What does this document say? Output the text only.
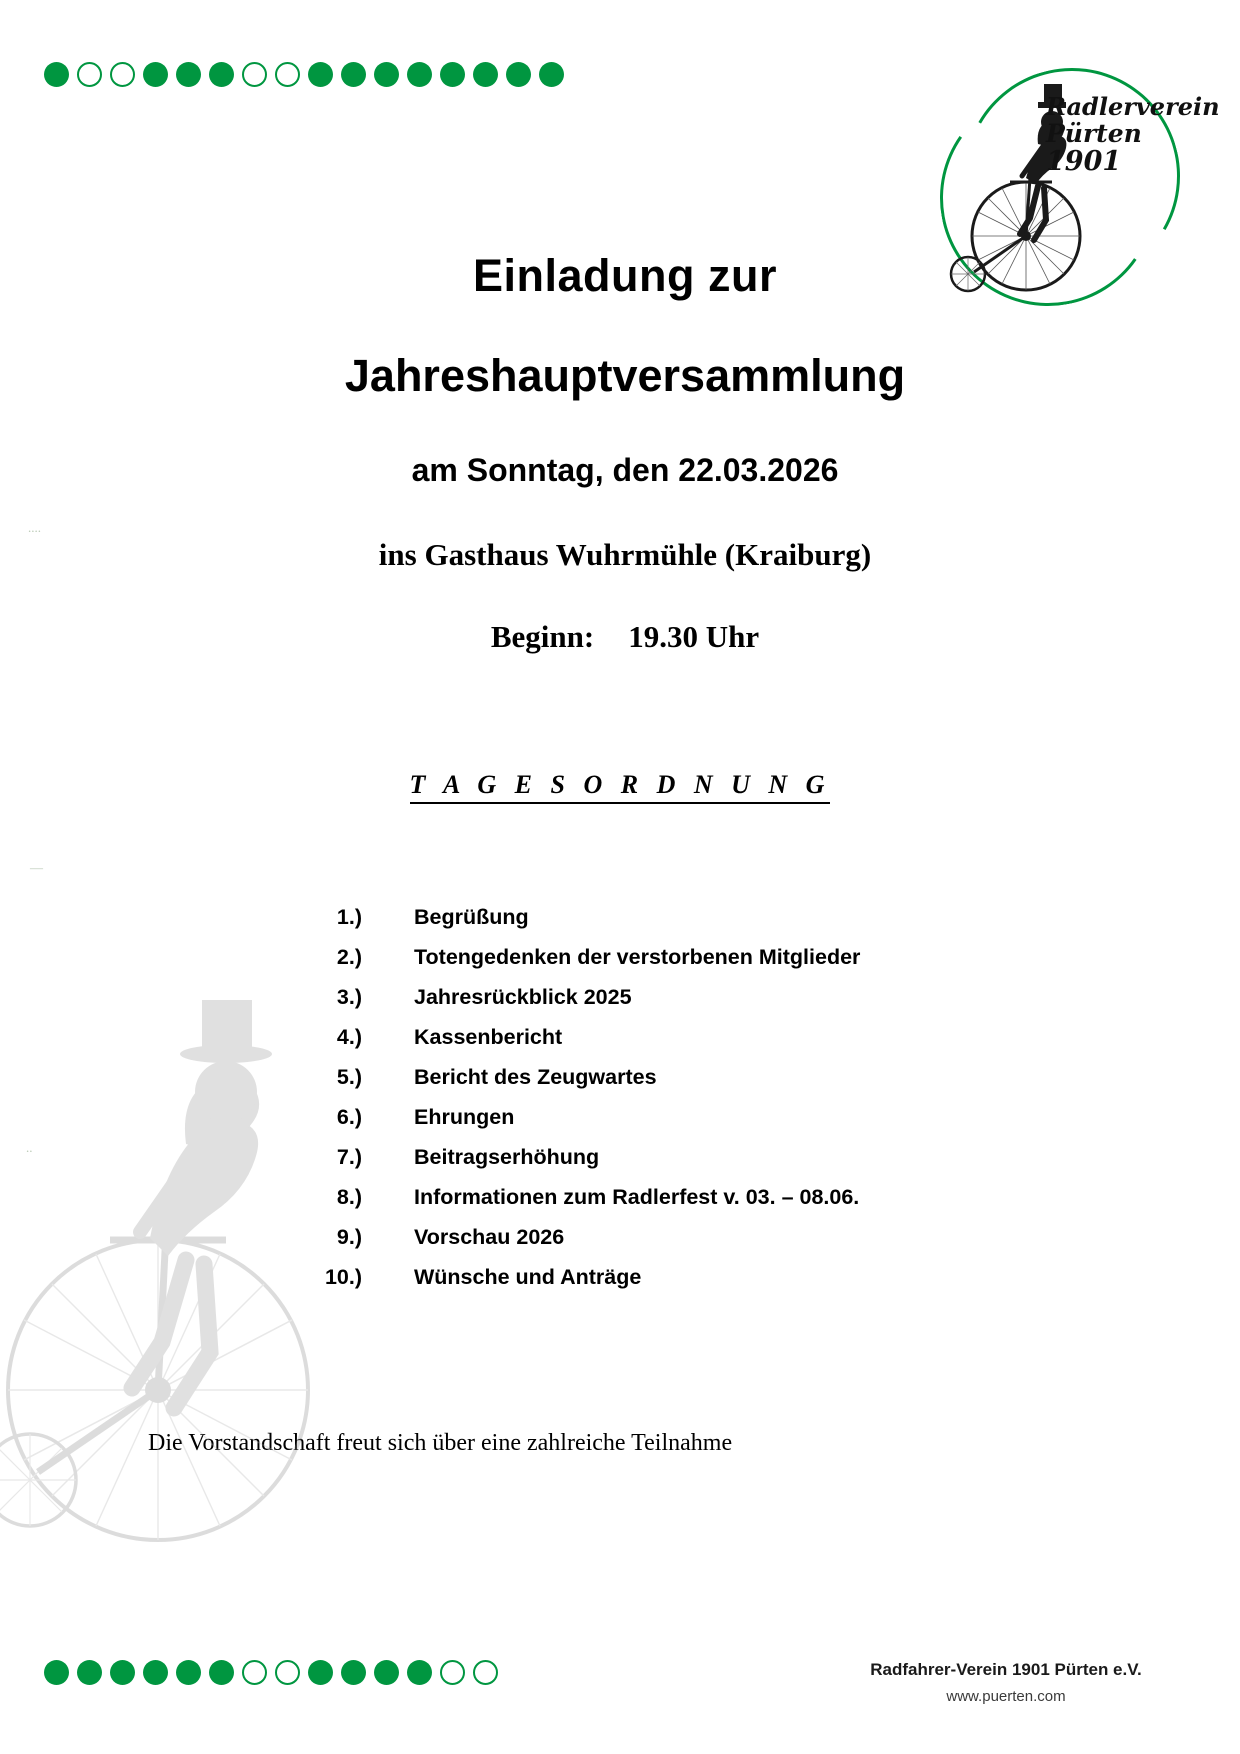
Radlerverein
Pürten
1901
Einladung zur
Jahreshauptversammlung
am Sonntag, den 22.03.2026
ins Gasthaus Wuhrmühle (Kraiburg)
Beginn: 19.30 Uhr
T A G E S O R D N U N G
1.) Begrüßung
2.) Totengedenken der verstorbenen Mitglieder
3.) Jahresrückblick 2025
4.) Kassenbericht
5.) Bericht des Zeugwartes
6.) Ehrungen
7.) Beitragserhöhung
8.) Informationen zum Radlerfest v. 03. – 08.06.
9.) Vorschau 2026
10.) Wünsche und Anträge
Die Vorstandschaft freut sich über eine zahlreiche Teilnahme
Radfahrer-Verein 1901 Pürten e.V.
www.puerten.com
....
—
..
